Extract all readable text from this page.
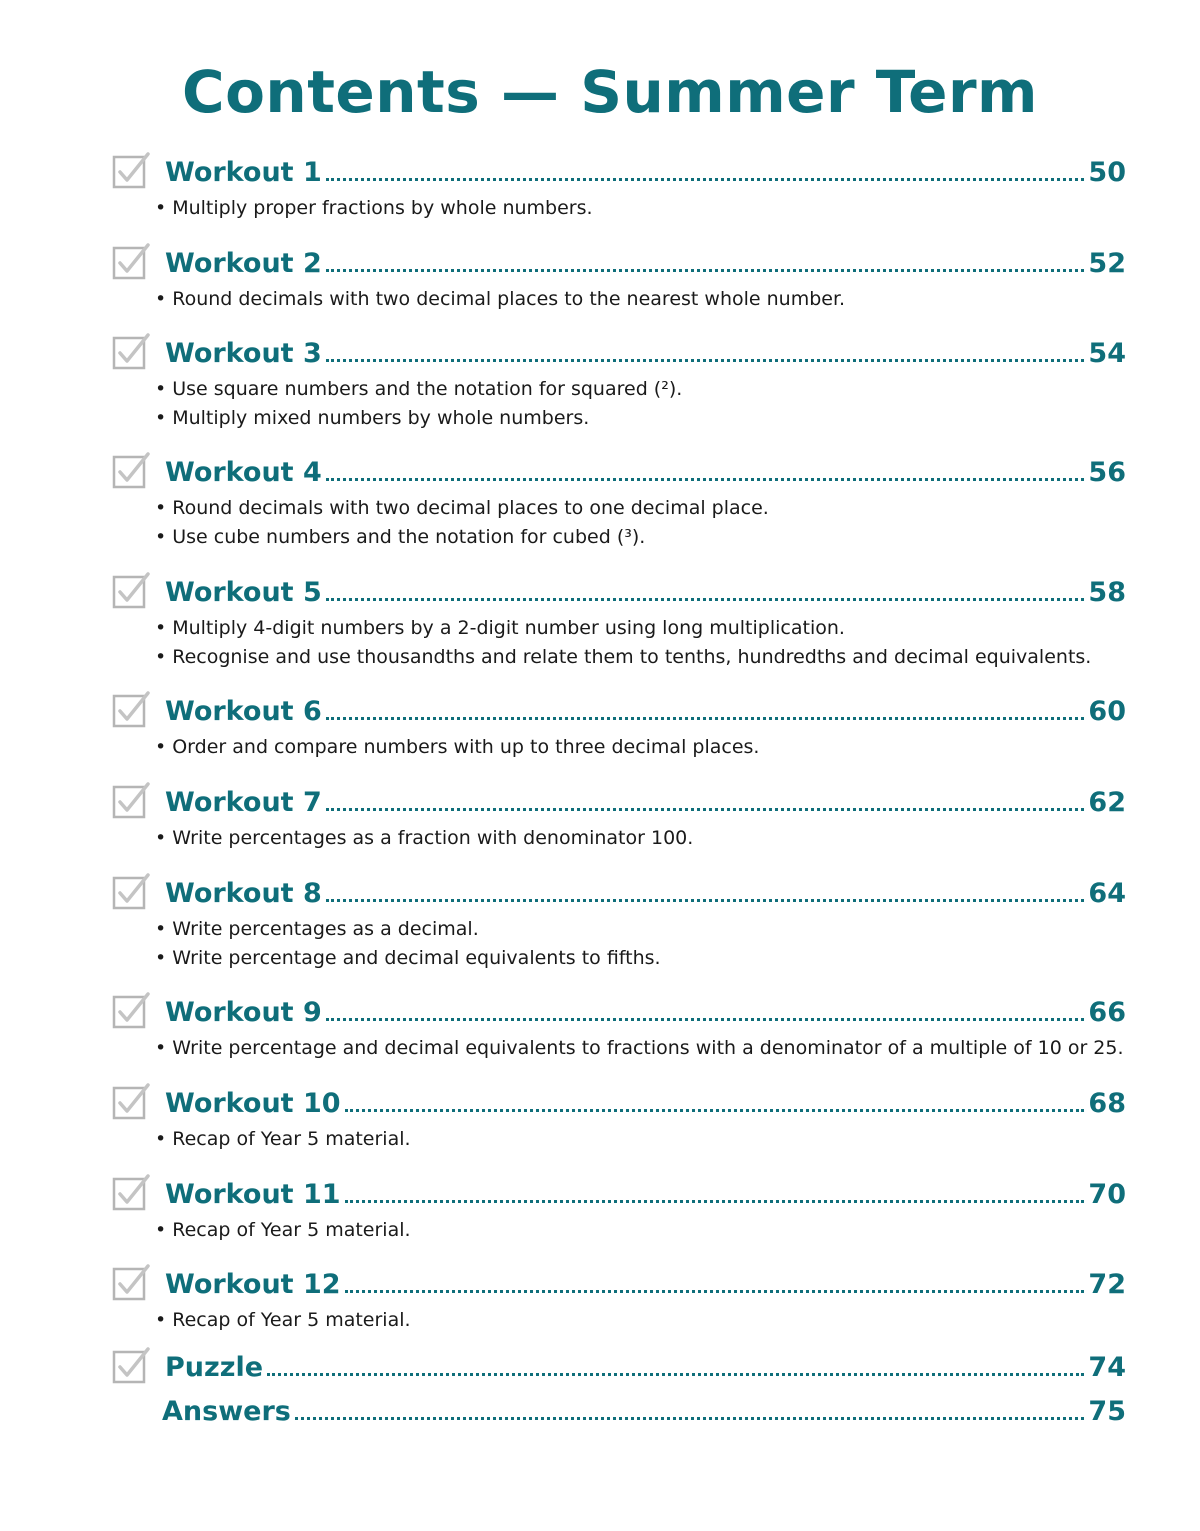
Contents — Summer Term
Workout 1	50
• Multiply proper fractions by whole numbers.
Workout 2	52
• Round decimals with two decimal places to the nearest whole number.
Workout 3	54
• Use square numbers and the notation for squared (²).
• Multiply mixed numbers by whole numbers.
Workout 4	56
• Round decimals with two decimal places to one decimal place.
• Use cube numbers and the notation for cubed (³).
Workout 5	58
• Multiply 4-digit numbers by a 2-digit number using long multiplication.
• Recognise and use thousandths and relate them to tenths, hundredths and decimal equivalents.
Workout 6	60
• Order and compare numbers with up to three decimal places.
Workout 7	62
• Write percentages as a fraction with denominator 100.
Workout 8	64
• Write percentages as a decimal.
• Write percentage and decimal equivalents to fifths.
Workout 9	66
• Write percentage and decimal equivalents to fractions with a denominator of a multiple of 10 or 25.
Workout 10	68
• Recap of Year 5 material.
Workout 11	70
• Recap of Year 5 material.
Workout 12	72
• Recap of Year 5 material.
Puzzle	74
Answers	75
